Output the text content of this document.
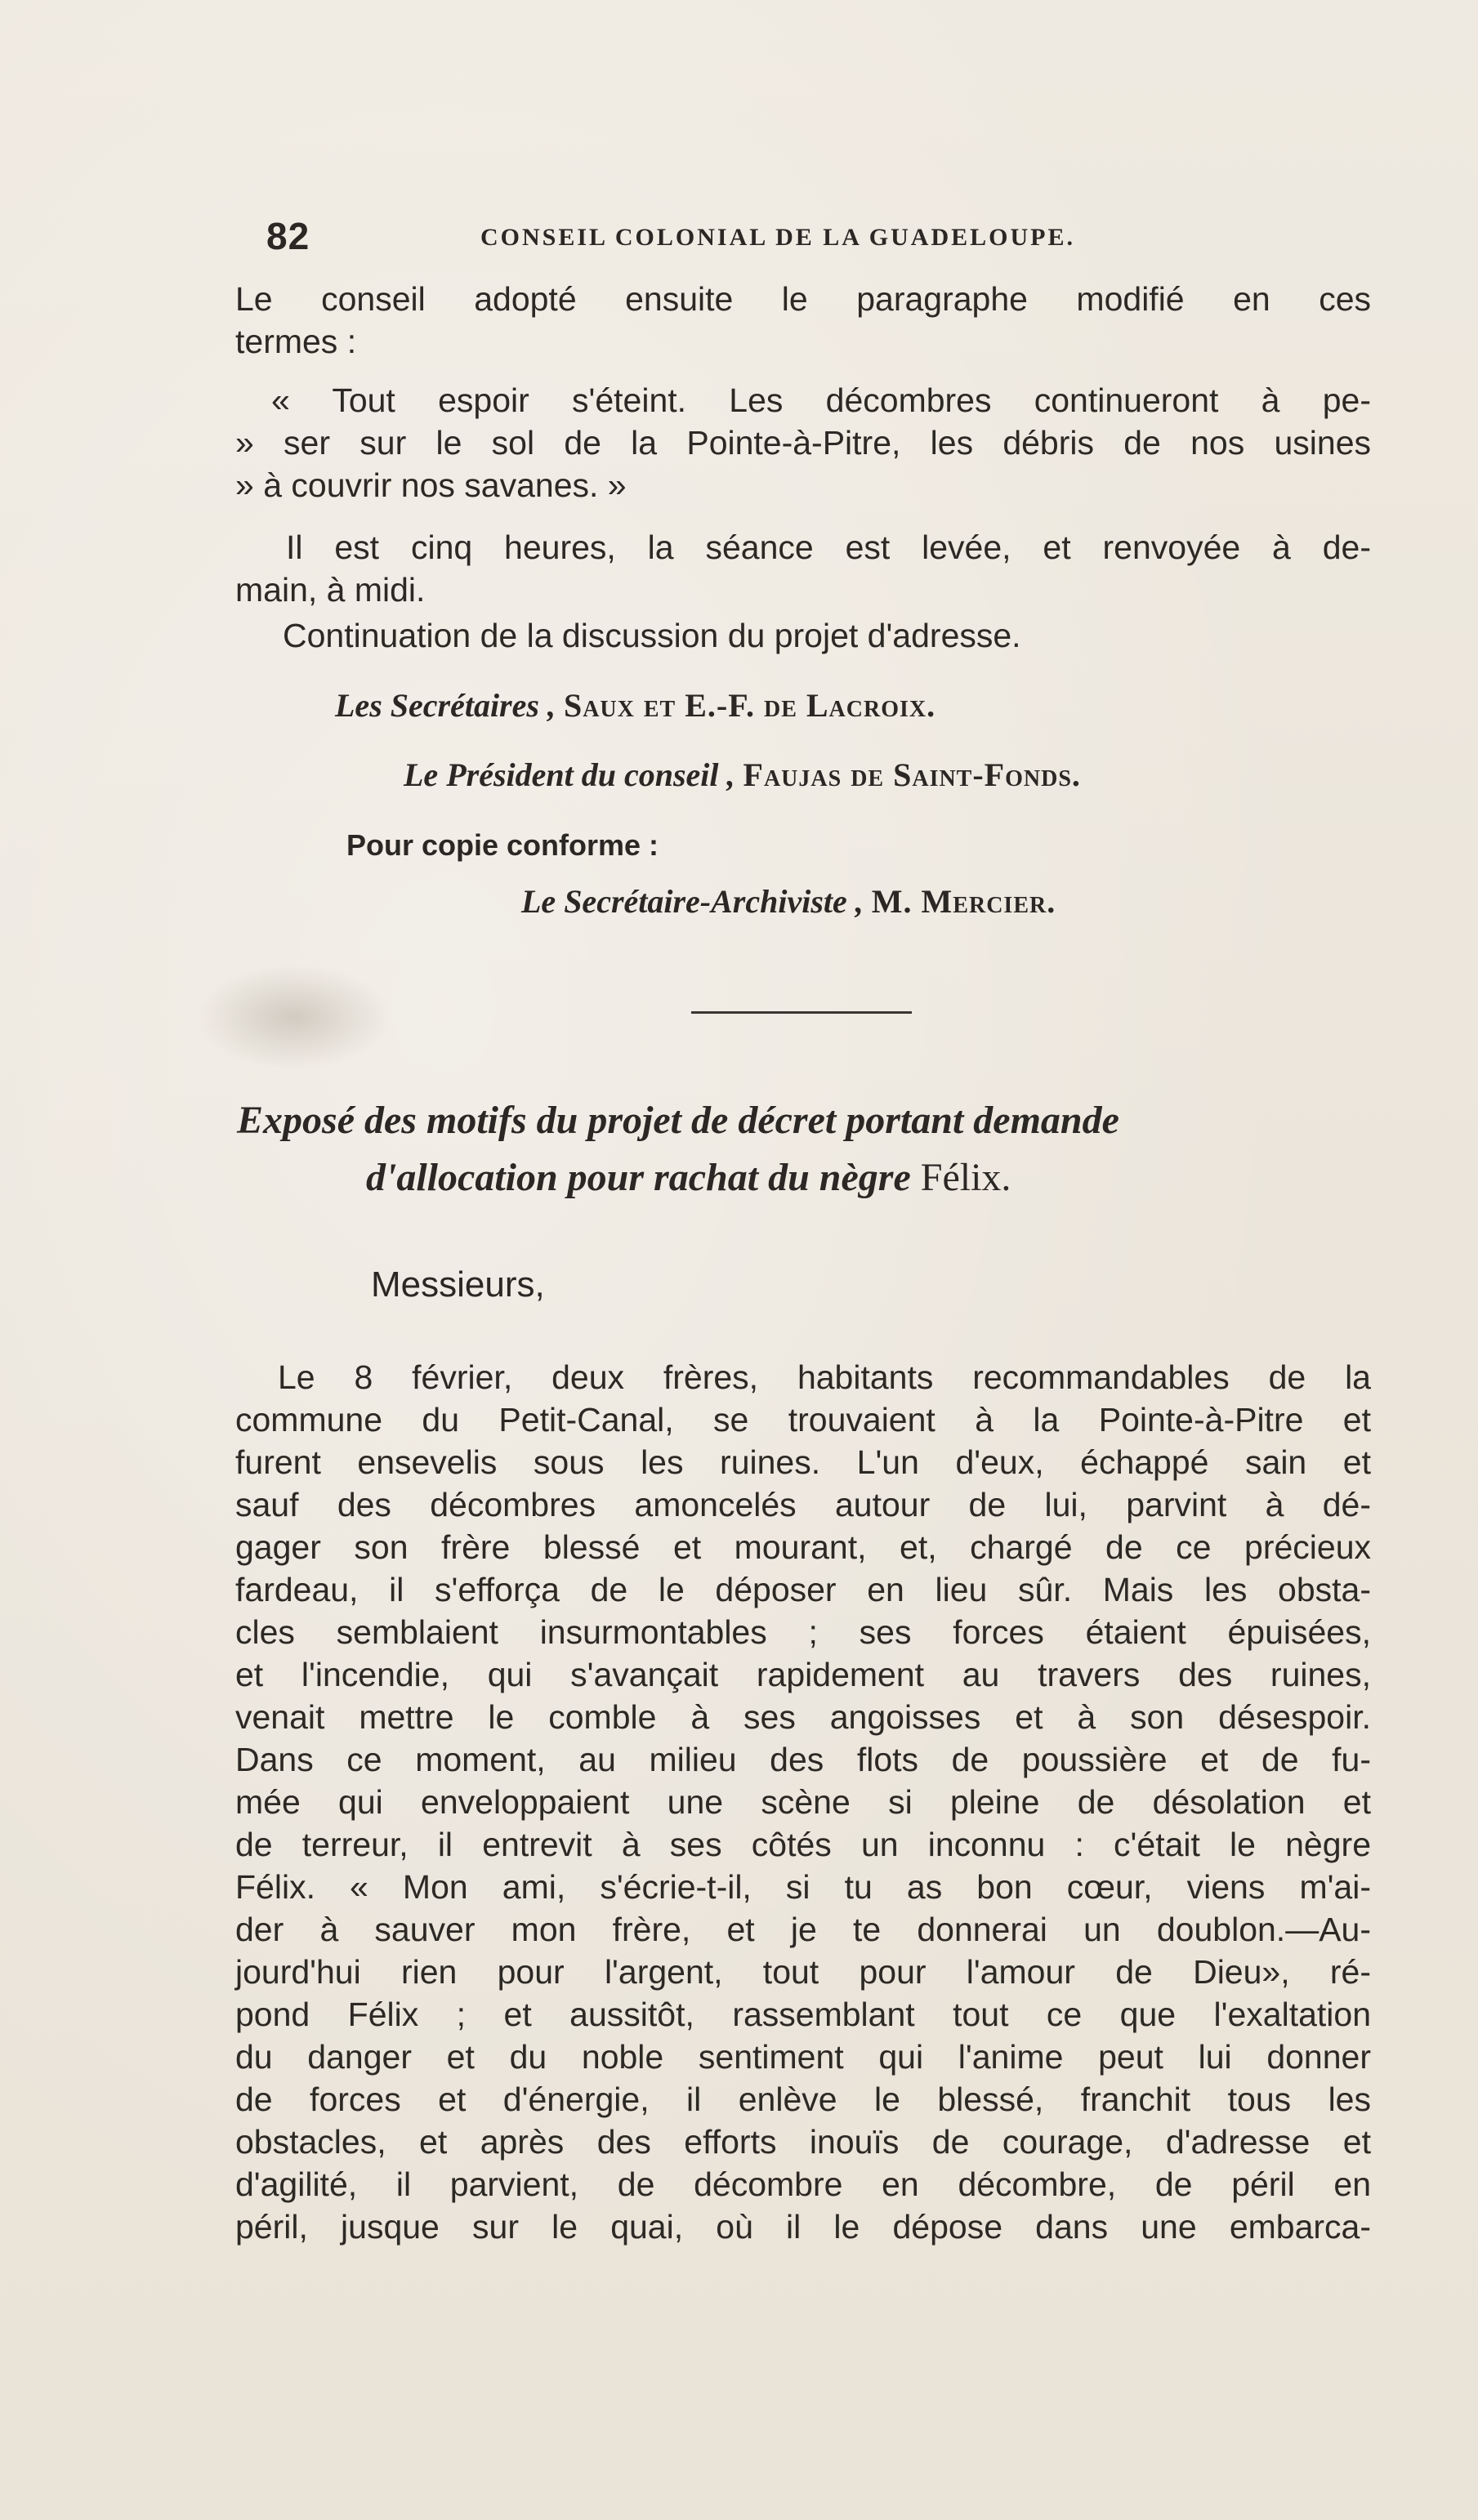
82	CONSEIL COLONIAL DE LA GUADELOUPE.
Le conseil adopté ensuite le paragraphe modifié en ces
termes :
« Tout espoir s'éteint. Les décombres continueront à pe-
» ser sur le sol de la Pointe-à-Pitre, les débris de nos usines
» à couvrir nos savanes. »
Il est cinq heures, la séance est levée, et renvoyée à de-
main, à midi.
Continuation de la discussion du projet d'adresse.
Les Secrétaires , Saux et E.-F. de Lacroix.
Le Président du conseil , Faujas de Saint-Fonds.
Pour copie conforme :
Le Secrétaire-Archiviste , M. Mercier.
Exposé des motifs du projet de décret portant demande
d'allocation pour rachat du nègre Félix.
Messieurs,
Le 8 février, deux frères, habitants recommandables de la
commune du Petit-Canal, se trouvaient à la Pointe-à-Pitre et
furent ensevelis sous les ruines. L'un d'eux, échappé sain et
sauf des décombres amoncelés autour de lui, parvint à dé-
gager son frère blessé et mourant, et, chargé de ce précieux
fardeau, il s'efforça de le déposer en lieu sûr. Mais les obsta-
cles semblaient insurmontables ; ses forces étaient épuisées,
et l'incendie, qui s'avançait rapidement au travers des ruines,
venait mettre le comble à ses angoisses et à son désespoir.
Dans ce moment, au milieu des flots de poussière et de fu-
mée qui enveloppaient une scène si pleine de désolation et
de terreur, il entrevit à ses côtés un inconnu : c'était le nègre
Félix. « Mon ami, s'écrie-t-il, si tu as bon cœur, viens m'ai-
der à sauver mon frère, et je te donnerai un doublon.—Au-
jourd'hui rien pour l'argent, tout pour l'amour de Dieu», ré-
pond Félix ; et aussitôt, rassemblant tout ce que l'exaltation
du danger et du noble sentiment qui l'anime peut lui donner
de forces et d'énergie, il enlève le blessé, franchit tous les
obstacles, et après des efforts inouïs de courage, d'adresse et
d'agilité, il parvient, de décombre en décombre, de péril en
péril, jusque sur le quai, où il le dépose dans une embarca-
